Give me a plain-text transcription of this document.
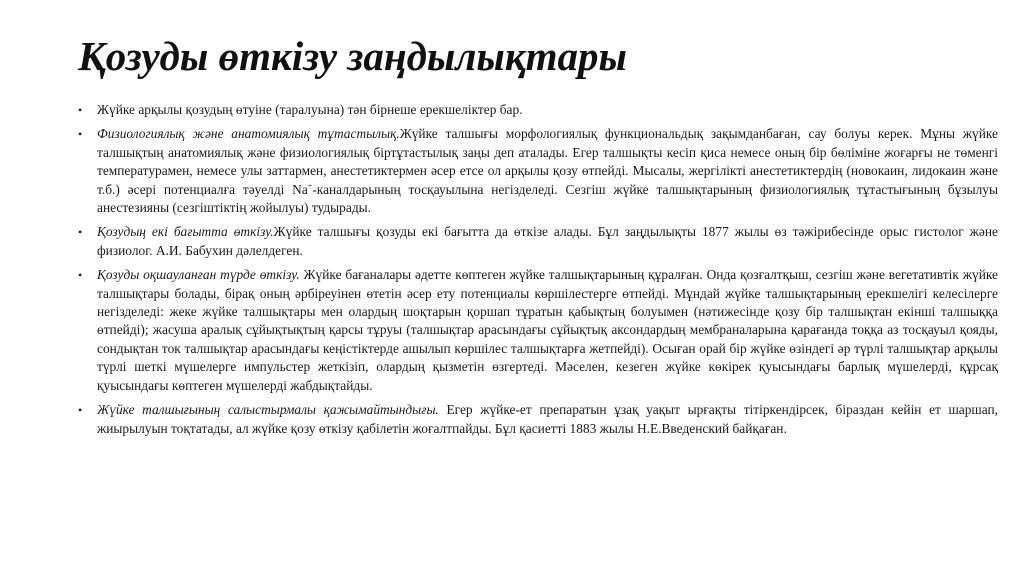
Қозуды өткізу заңдылықтары
• Жүйке арқылы қозудың өтуіне (таралуына) тән бірнеше ерекшеліктер бар.
• Физиологиялық және анатомиялық тұтастылық.Жүйке талшығы морфологиялық функциональдық зақымданбаған, сау болуы керек. Мұны жүйке талшықтың анатомиялық және физиологиялық біртұтастылық заңы деп аталады. Егер талшықты кесіп қиса немесе оның бір бөліміне жоғарғы не төменгі температурамен, немесе улы заттармен, анестетиктермен әсер етсе ол арқылы қозу өтпейді. Мысалы, жергілікті анестетиктердің (новокаин, лидокаин және т.б.) әсері потенциалға тәуелді Na+-каналдарының тосқауылына негізделеді. Сезгіш жүйке талшықтарының физиологиялық тұтастығының бұзылуы анестезияны (сезгіштіктің жойылуы) тудырады.
• Қозудың екі бағытта өткізу.Жүйке талшығы қозуды екі бағытта да өткізе алады. Бұл заңдылықты 1877 жылы өз тәжірибесінде орыс гистолог және физиолог. А.И. Бабухин дәлелдеген.
• Қозуды оқшауланған түрде өткізу. Жүйке бағаналары әдетте көптеген жүйке талшықтарының құралған. Онда қозғалтқыш, сезгіш және вегетативтік жүйке талшықтары болады, бірақ оның әрбіреуінен өтетін әсер ету потенциалы көршілестерге өтпейді. Мұндай жүйке талшықтарының ерекшелігі келесілерге негізделеді: жеке жүйке талшықтары мен олардың шоқтарын қоршап тұратын қабықтың болуымен (нәтижесінде қозу бір талшықтан екінші талшыққа өтпейді); жасуша аралық сұйықтықтың қарсы тұруы (талшықтар арасындағы сұйықтық аксондардың мембраналарына қарағанда тоққа аз тосқауыл қояды, сондықтан ток талшықтар арасындағы кеңістіктерде ашылып көршілес талшықтарға жетпейді). Осыған орай бір жүйке өзіндегі әр түрлі талшықтар арқылы түрлі шеткі мүшелерге импульстер жеткізіп, олардың қызметін өзгертеді. Мәселен, кезеген жүйке көкірек қуысындағы барлық мүшелерді, құрсақ қуысындағы көптеген мүшелерді жабдықтайды.
• Жүйке талшығының салыстырмалы қажымайтындығы. Егер жүйке-ет препаратын ұзақ уақыт ырғақты тітіркендірсек, біраздан кейін ет шаршап, жиырылуын тоқтатады, ал жүйке қозу өткізу қабілетін жоғалтпайды. Бұл қасиетті 1883 жылы Н.Е.Введенский байқаған.
